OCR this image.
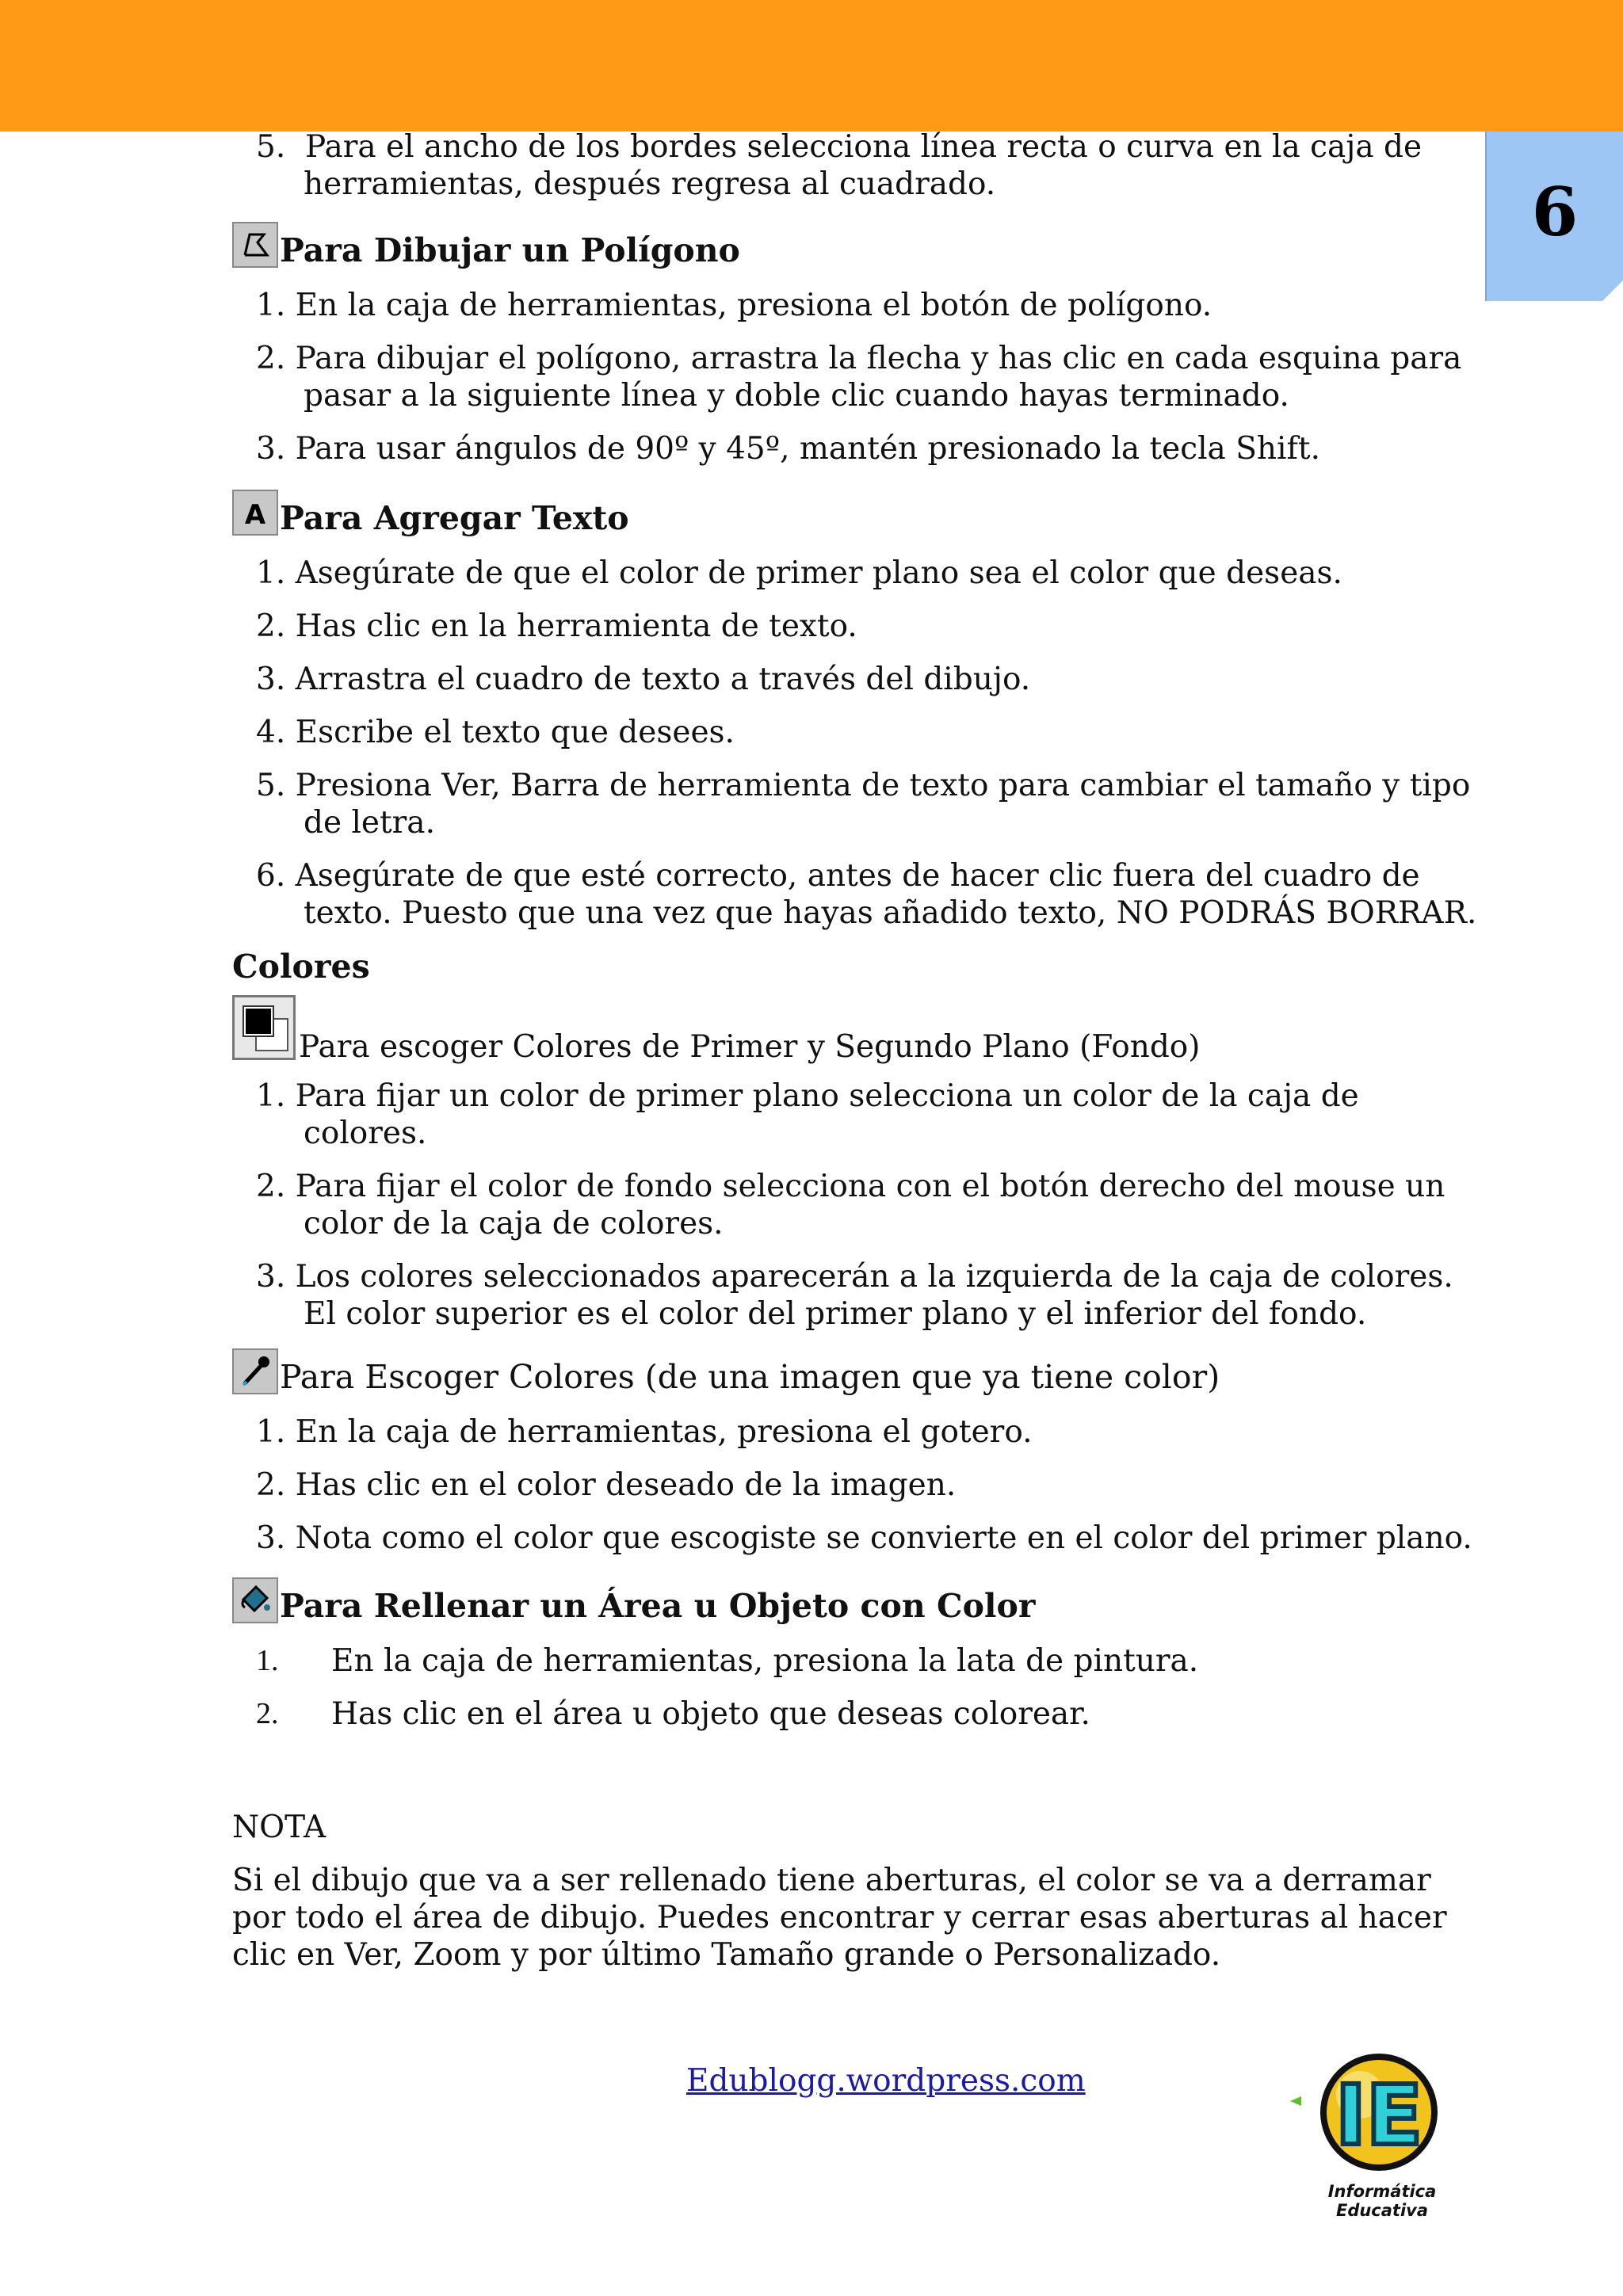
6
5. Para el ancho de los bordes selecciona línea recta o curva en la caja de herramientas, después regresa al cuadrado.
Para Dibujar un Polígono
1. En la caja de herramientas, presiona el botón de polígono.
2. Para dibujar el polígono, arrastra la flecha y has clic en cada esquina para pasar a la siguiente línea y doble clic cuando hayas terminado.
3. Para usar ángulos de 90º y 45º, mantén presionado la tecla Shift.
A Para Agregar Texto
1. Asegúrate de que el color de primer plano sea el color que deseas.
2. Has clic en la herramienta de texto.
3. Arrastra el cuadro de texto a través del dibujo.
4. Escribe el texto que desees.
5. Presiona Ver, Barra de herramienta de texto para cambiar el tamaño y tipo de letra.
6. Asegúrate de que esté correcto, antes de hacer clic fuera del cuadro de texto. Puesto que una vez que hayas añadido texto, NO PODRÁS BORRAR.
Colores
Para escoger Colores de Primer y Segundo Plano (Fondo)
1. Para fijar un color de primer plano selecciona un color de la caja de colores.
2. Para fijar el color de fondo selecciona con el botón derecho del mouse un color de la caja de colores.
3. Los colores seleccionados aparecerán a la izquierda de la caja de colores. El color superior es el color del primer plano y el inferior del fondo.
Para Escoger Colores (de una imagen que ya tiene color)
1. En la caja de herramientas, presiona el gotero.
2. Has clic en el color deseado de la imagen.
3. Nota como el color que escogiste se convierte en el color del primer plano.
Para Rellenar un Área u Objeto con Color
1. En la caja de herramientas, presiona la lata de pintura.
2. Has clic en el área u objeto que deseas colorear.
NOTA
Si el dibujo que va a ser rellenado tiene aberturas, el color se va a derramar por todo el área de dibujo. Puedes encontrar y cerrar esas aberturas al hacer clic en Ver, Zoom y por último Tamaño grande o Personalizado.
Edublogg.wordpress.com	IE
Informática Educativa
